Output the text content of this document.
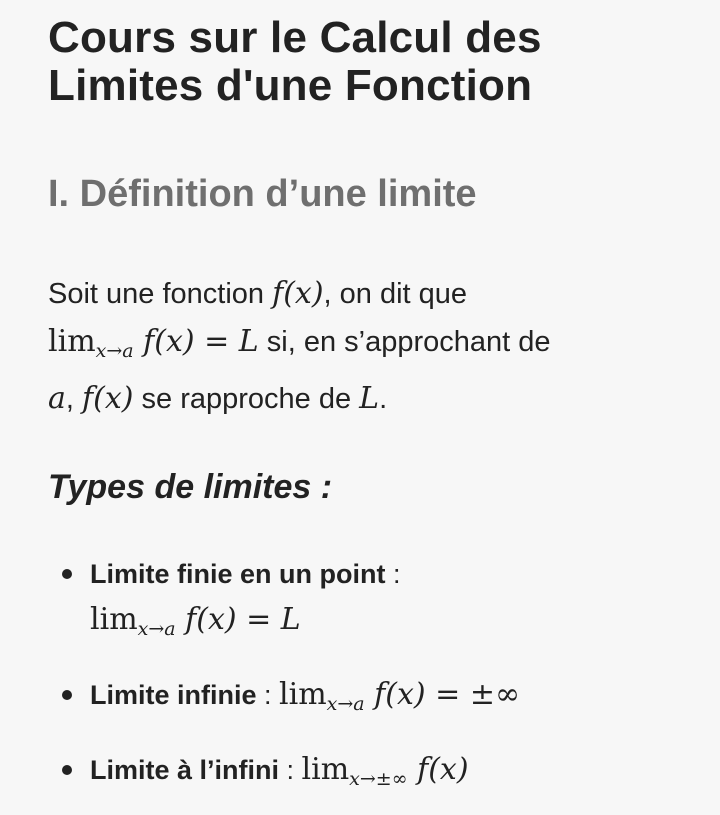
Cours sur le Calcul des Limites d'une Fonction
I. Définition d’une limite

Soit une fonction f(x), on dit que
$\lim_{x\to a} f(x) = L$ si, en s’approchant de
a, f(x) se rapproche de L.

Types de limites :
Limite finie en un point :
$\lim_{x\to a} f(x) = L$
Limite infinie : $\lim_{x\to a} f(x)$ = ±∞
Limite à l’infini : $\lim_{x\to\pm\infty} f(x)$
